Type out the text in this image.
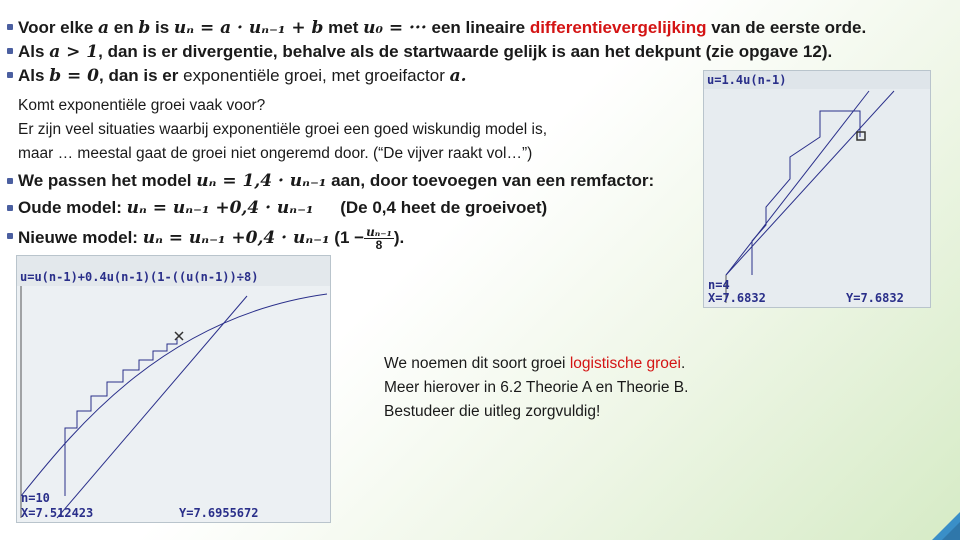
Voor elke a en b is uₙ = a · uₙ₋₁ + b met u₀ = ··· een lineaire differentievergelijking van de eerste orde.
Als a > 1, dan is er divergentie, behalve als de startwaarde gelijk is aan het dekpunt (zie opgave 12).
Als b = 0, dan is er exponentiële groei, met groeifactor a.
Komt exponentiële groei vaak voor?
Er zijn veel situaties waarbij exponentiële groei een goed wiskundig model is,
maar … meestal gaat de groei niet ongeremd door. (“De vijver raakt vol…”)
We passen het model uₙ = 1,4 · uₙ₋₁ aan, door toevoegen van een remfactor:
Oude model: uₙ = uₙ₋₁ +0,4 · uₙ₋₁ (De 0,4 heet de groeivoet)
Nieuwe model: uₙ = uₙ₋₁ +0,4 · uₙ₋₁ ($1 - \frac{\text{uₙ₋₁}}{8}$ ).
u=1.4u(n-1)
n=4
X=7.6832	Y=7.6832
u=u(n-1)+0.4u(n-1)(1-((u(n-1))÷8)
n=10
X=7.512423	Y=7.6955672
We noemen dit soort groei logistische groei.
Meer hierover in 6.2 Theorie A en Theorie B.
Bestudeer die uitleg zorgvuldig!
